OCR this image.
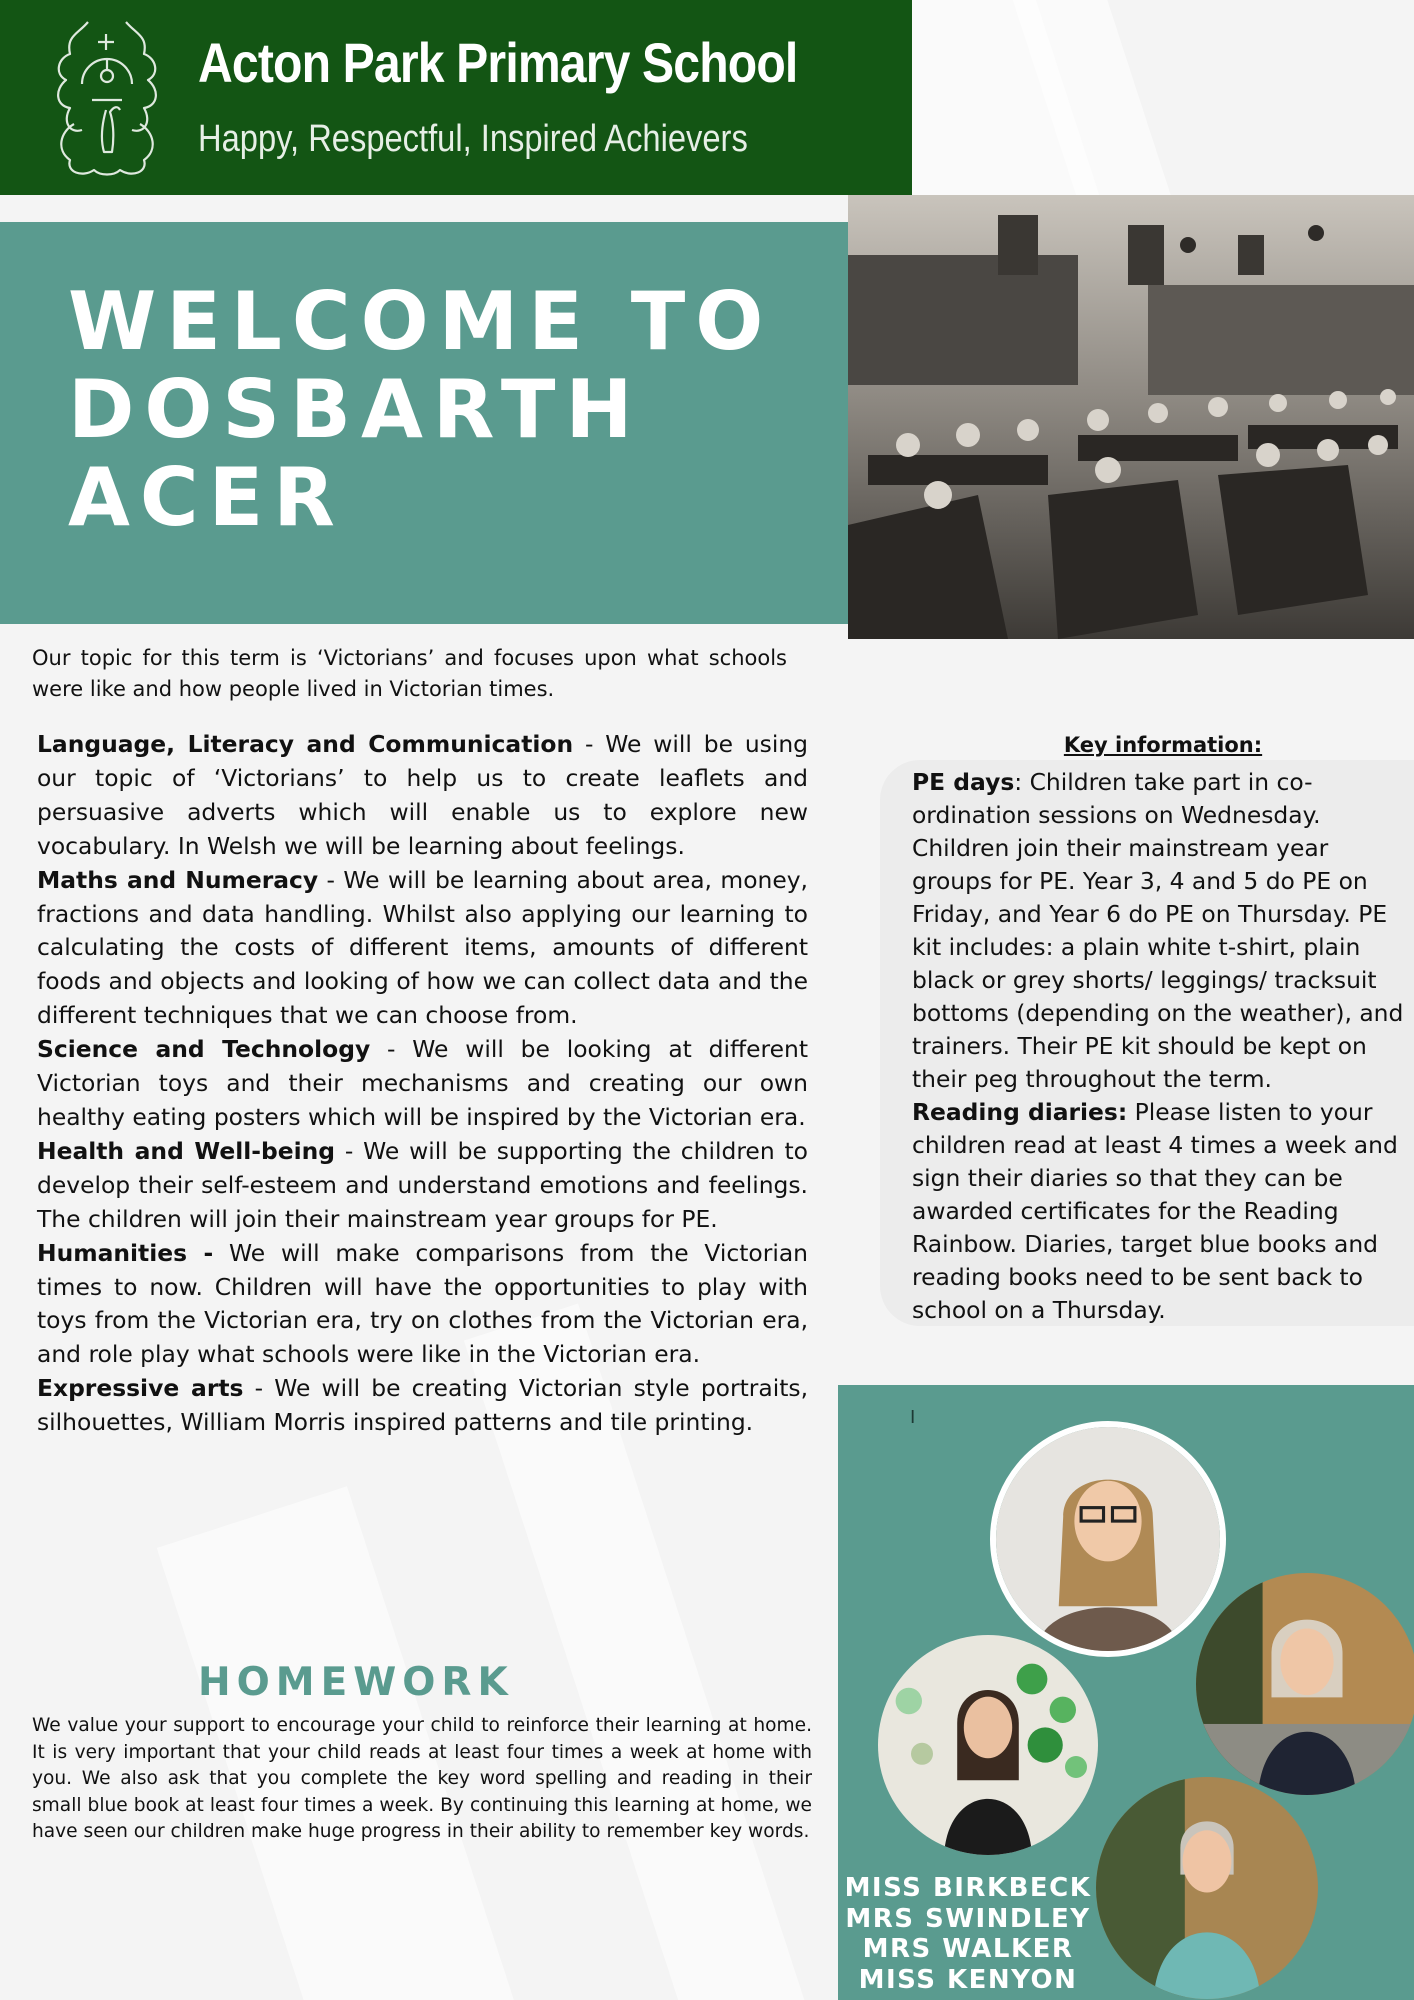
Acton Park Primary School
Happy, Respectful, Inspired Achievers
WELCOME TO
DOSBARTH
ACER

Our topic for this term is ‘Victorians’ and focuses upon what schools were like and how people lived in Victorian times.

Language, Literacy and Communication - We will be using our topic of ‘Victorians’ to help us to create leaflets and persuasive adverts which will enable us to explore new vocabulary. In Welsh we will be learning about feelings.

Maths and Numeracy - We will be learning about area, money, fractions and data handling. Whilst also applying our learning to calculating the costs of different items, amounts of different foods and objects and looking of how we can collect data and the different techniques that we can choose from.

Science and Technology - We will be looking at different Victorian toys and their mechanisms and creating our own healthy eating posters which will be inspired by the Victorian era.

Health and Well-being - We will be supporting the children to develop their self-esteem and understand emotions and feelings. The children will join their mainstream year groups for PE.

Humanities - We will make comparisons from the Victorian times to now. Children will have the opportunities to play with toys from the Victorian era, try on clothes from the Victorian era, and role play what schools were like in the Victorian era.

Expressive arts - We will be creating Victorian style portraits, silhouettes, William Morris inspired patterns and tile printing.

Key information:

PE days: Children take part in co-ordination sessions on Wednesday. Children join their mainstream year groups for PE. Year 3, 4 and 5 do PE on Friday, and Year 6 do PE on Thursday. PE kit includes: a plain white t-shirt, plain black or grey shorts/ leggings/ tracksuit bottoms (depending on the weather), and trainers. Their PE kit should be kept on their peg throughout the term.

Reading diaries: Please listen to your children read at least 4 times a week and sign their diaries so that they can be awarded certificates for the Reading Rainbow. Diaries, target blue books and reading books need to be sent back to school on a Thursday.

HOMEWORK

We value your support to encourage your child to reinforce their learning at home. It is very important that your child reads at least four times a week at home with you. We also ask that you complete the key word spelling and reading in their small blue book at least four times a week. By continuing this learning at home, we have seen our children make huge progress in their ability to remember key words.

I
MISS BIRKBECK
MRS SWINDLEY
MRS WALKER
MISS KENYON
